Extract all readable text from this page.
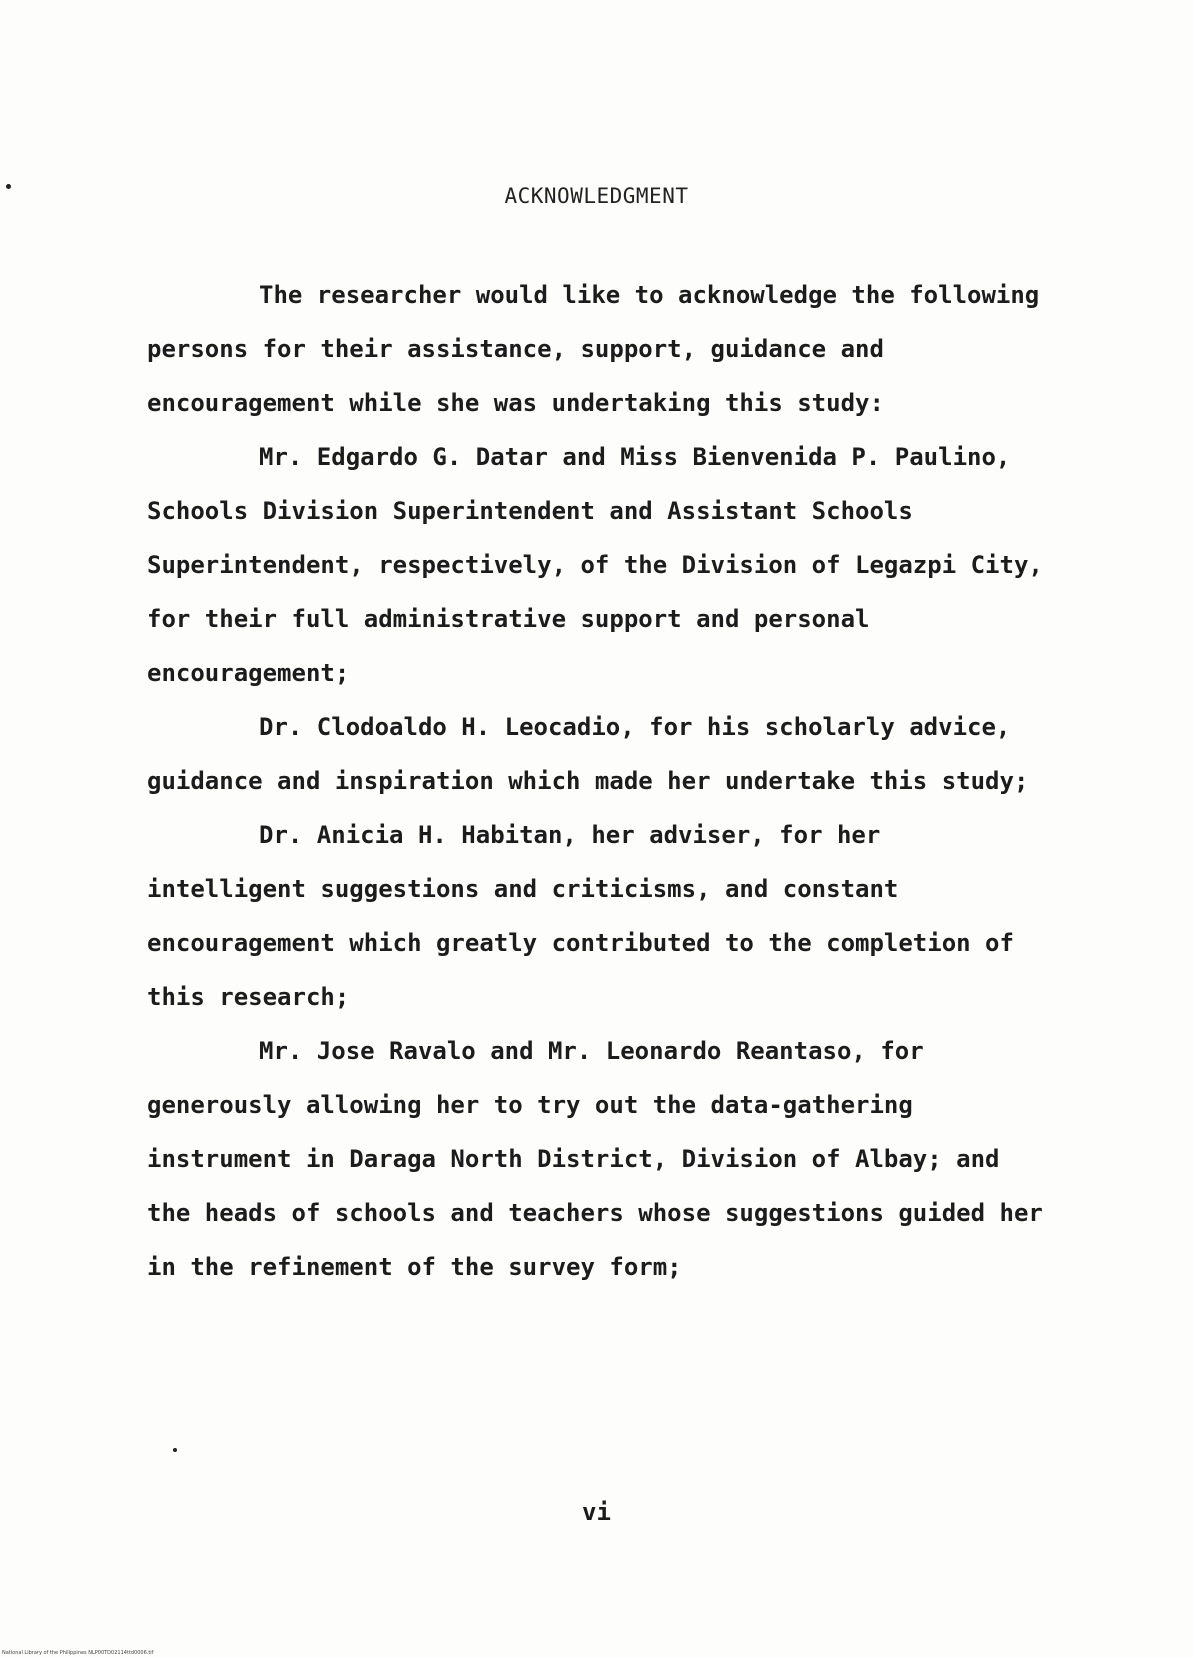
ACKNOWLEDGMENT

The researcher would like to acknowledge the following persons for their assistance, support, guidance and encouragement while she was undertaking this study:

Mr. Edgardo G. Datar and Miss Bienvenida P. Paulino, Schools Division Superintendent and Assistant Schools Superintendent, respectively, of the Division of Legazpi City, for their full administrative support and personal encouragement;

Dr. Clodoaldo H. Leocadio, for his scholarly advice, guidance and inspiration which made her undertake this study;

Dr. Anicia H. Habitan, her adviser, for her intelligent suggestions and criticisms, and constant encouragement which greatly contributed to the completion of this research;

Mr. Jose Ravalo and Mr. Leonardo Reantaso, for generously allowing her to try out the data-gathering instrument in Daraga North District, Division of Albay; and the heads of schools and teachers whose suggestions guided her in the refinement of the survey form;

vi
National Library of the Philippines NLP00TD02114ttd0006.tif
